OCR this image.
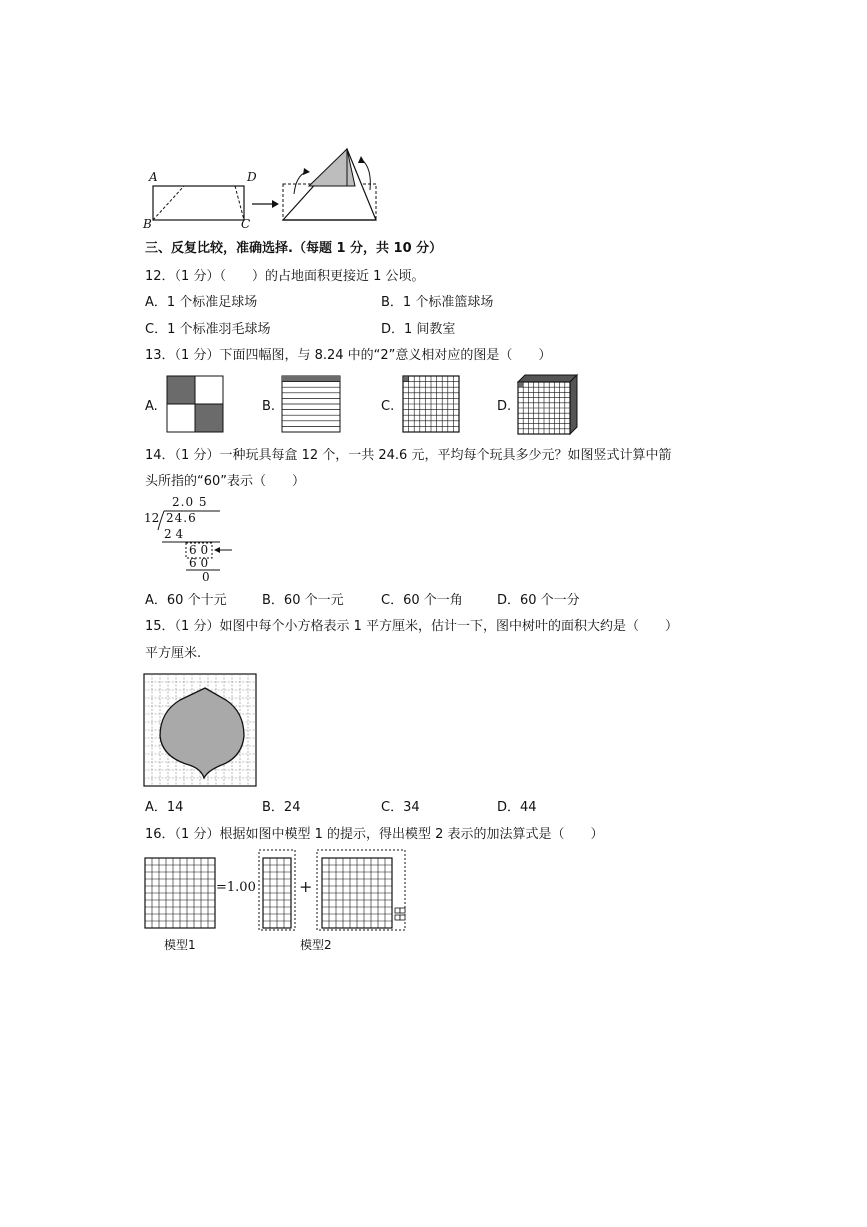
A	D
B	C
三、反复比较，准确选择.（每题 1 分，共 10 分）
12．（1 分）（　　）的占地面积更接近 1 公顷。
A．1 个标准足球场	B．1 个标准篮球场
C．1 个标准羽毛球场	D．1 间教室
13．（1 分）下面四幅图，与 8.24 中的“2”意义相对应的图是（　　）
A.	B.	C.	D.
14．（1 分）一种玩具每盒 12 个，一共 24.6 元，平均每个玩具多少元？如图竖式计算中箭
头所指的“60”表示（　　）
2.0 5
12 24.6
2 4
6 0
6 0
0
A．60 个十元	B．60 个一元	C．60 个一角	D．60 个一分
15．（1 分）如图中每个小方格表示 1 平方厘米，估计一下，图中树叶的面积大约是（　　）
平方厘米.
A．14	B．24	C．34	D．44
16．（1 分）根据如图中模型 1 的提示，得出模型 2 表示的加法算式是（　　）
=1.00	+
模型1	模型2
